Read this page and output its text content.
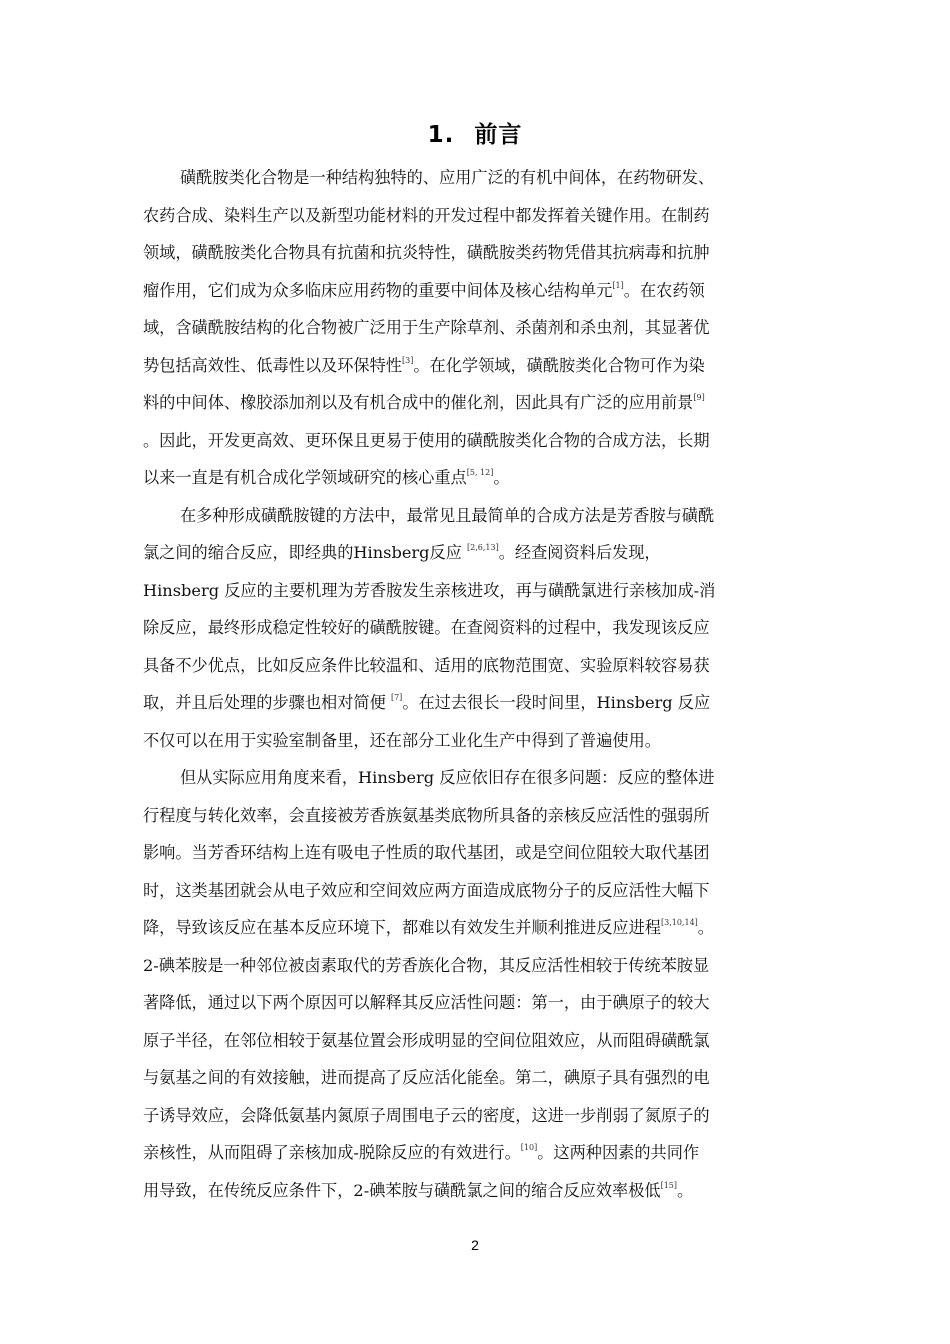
1. 前言
磺酰胺类化合物是一种结构独特的、应用广泛的有机中间体，在药物研发、
农药合成、染料生产以及新型功能材料的开发过程中都发挥着关键作用。在制药
领域，磺酰胺类化合物具有抗菌和抗炎特性，磺酰胺类药物凭借其抗病毒和抗肿
瘤作用，它们成为众多临床应用药物的重要中间体及核心结构单元[1]。在农药领
域，含磺酰胺结构的化合物被广泛用于生产除草剂、杀菌剂和杀虫剂，其显著优
势包括高效性、低毒性以及环保特性[3]。在化学领域，磺酰胺类化合物可作为染
料的中间体、橡胶添加剂以及有机合成中的催化剂，因此具有广泛的应用前景[9]
。因此，开发更高效、更环保且更易于使用的磺酰胺类化合物的合成方法，长期
以来一直是有机合成化学领域研究的核心重点[5, 12]。
在多种形成磺酰胺键的方法中，最常见且最简单的合成方法是芳香胺与磺酰
氯之间的缩合反应，即经典的Hinsberg反应 [2,6,13]。经查阅资料后发现，
Hinsberg 反应的主要机理为芳香胺发生亲核进攻，再与磺酰氯进行亲核加成-消
除反应，最终形成稳定性较好的磺酰胺键。在查阅资料的过程中，我发现该反应
具备不少优点，比如反应条件比较温和、适用的底物范围宽、实验原料较容易获
取，并且后处理的步骤也相对简便 [7]。在过去很长一段时间里，Hinsberg 反应
不仅可以在用于实验室制备里，还在部分工业化生产中得到了普遍使用。
但从实际应用角度来看，Hinsberg 反应依旧存在很多问题：反应的整体进
行程度与转化效率，会直接被芳香族氨基类底物所具备的亲核反应活性的强弱所
影响。当芳香环结构上连有吸电子性质的取代基团，或是空间位阻较大取代基团
时，这类基团就会从电子效应和空间效应两方面造成底物分子的反应活性大幅下
降，导致该反应在基本反应环境下，都难以有效发生并顺利推进反应进程[3,10,14]。
2-碘苯胺是一种邻位被卤素取代的芳香族化合物，其反应活性相较于传统苯胺显
著降低，通过以下两个原因可以解释其反应活性问题：第一，由于碘原子的较大
原子半径，在邻位相较于氨基位置会形成明显的空间位阻效应，从而阻碍磺酰氯
与氨基之间的有效接触，进而提高了反应活化能垒。第二，碘原子具有强烈的电
子诱导效应，会降低氨基内氮原子周围电子云的密度，这进一步削弱了氮原子的
亲核性，从而阻碍了亲核加成-脱除反应的有效进行。[10]。这两种因素的共同作
用导致，在传统反应条件下，2-碘苯胺与磺酰氯之间的缩合反应效率极低[15]。
2
